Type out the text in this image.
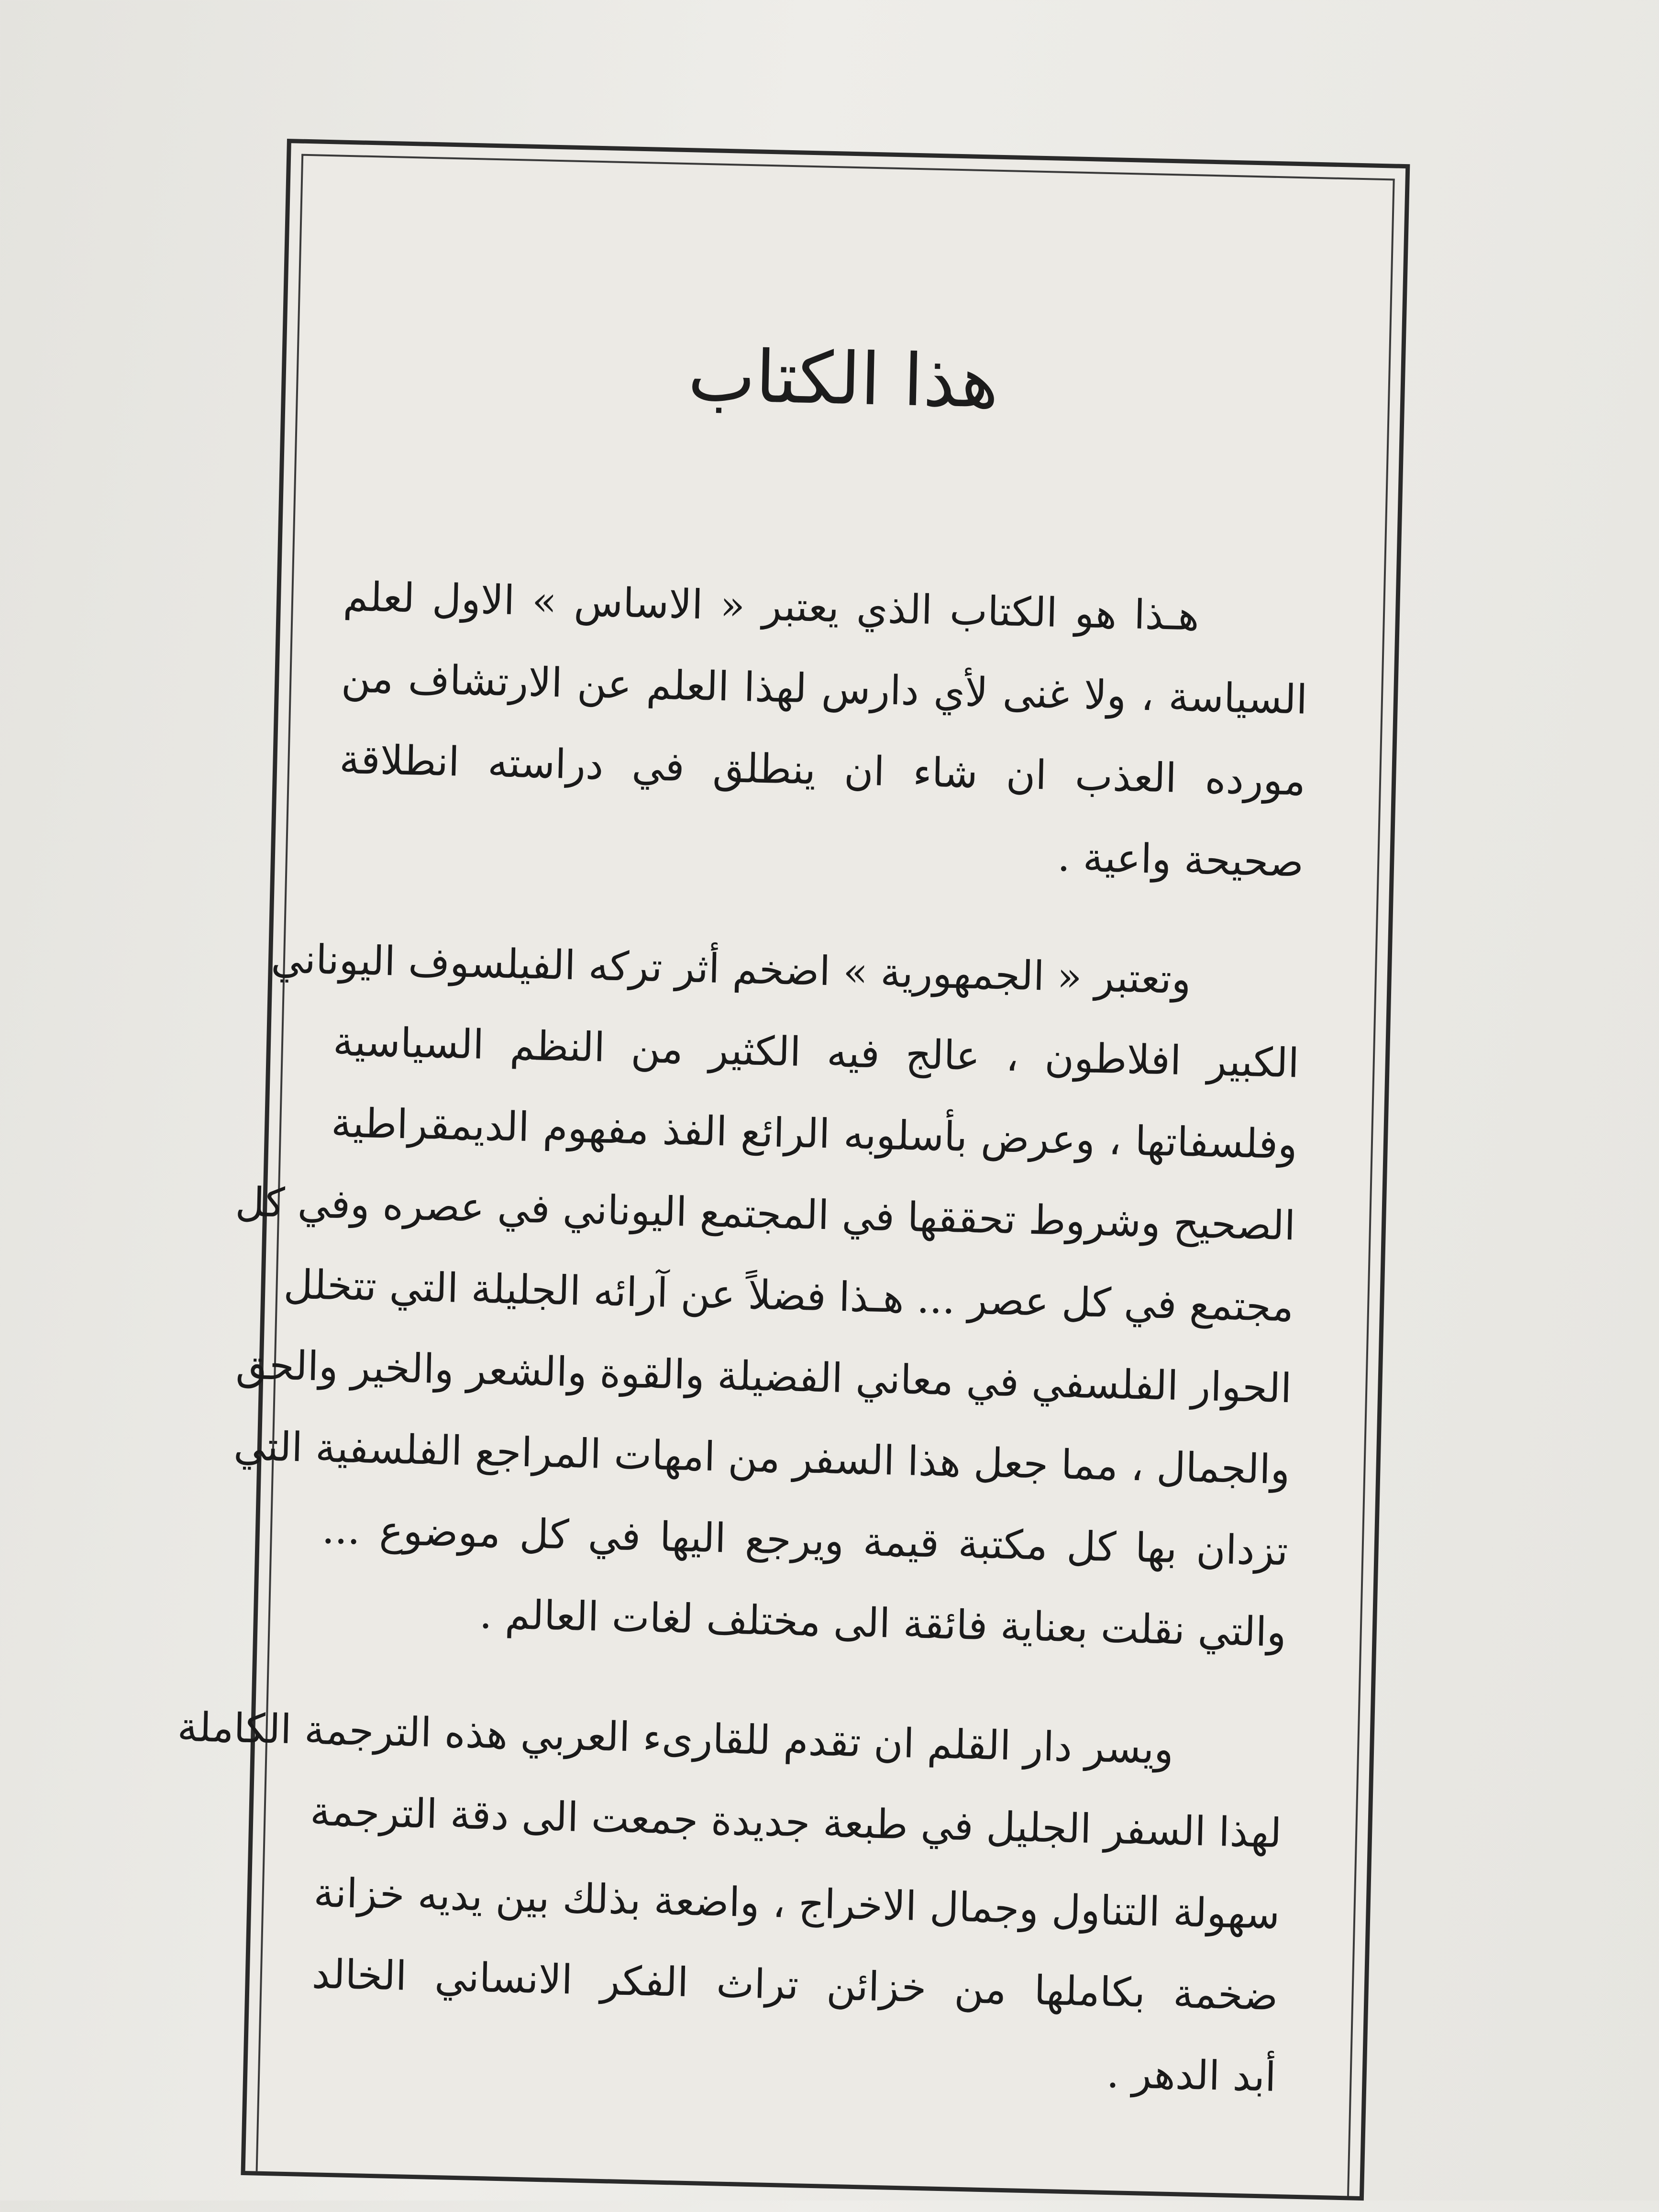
هذا الكتاب
هـذا هو الكتاب الذي يعتبر « الاساس » الاول لعلم
السياسة ، ولا غنى لأي دارس لهذا العلم عن الارتشاف من
مورده العذب ان شاء ان ينطلق في دراسته انطلاقة
صحيحة واعية .
وتعتبر « الجمهورية » اضخم أثر تركه الفيلسوف اليوناني
الكبير افلاطون ، عالج فيه الكثير من النظم السياسية
وفلسفاتها ، وعرض بأسلوبه الرائع الفذ مفهوم الديمقراطية
الصحيح وشروط تحققها في المجتمع اليوناني في عصره وفي كل
مجتمع في كل عصر ... هـذا فضلاً عن آرائه الجليلة التي تتخلل
الحوار الفلسفي في معاني الفضيلة والقوة والشعر والخير والحق
والجمال ، مما جعل هذا السفر من امهات المراجع الفلسفية التي
تزدان بها كل مكتبة قيمة ويرجع اليها في كل موضوع ...
والتي نقلت بعناية فائقة الى مختلف لغات العالم .
ويسر دار القلم ان تقدم للقارىء العربي هذه الترجمة الكاملة
لهذا السفر الجليل في طبعة جديدة جمعت الى دقة الترجمة
سهولة التناول وجمال الاخراج ، واضعة بذلك بين يديه خزانة
ضخمة بكاملها من خزائن تراث الفكر الانساني الخالد
أبد الدهر .
